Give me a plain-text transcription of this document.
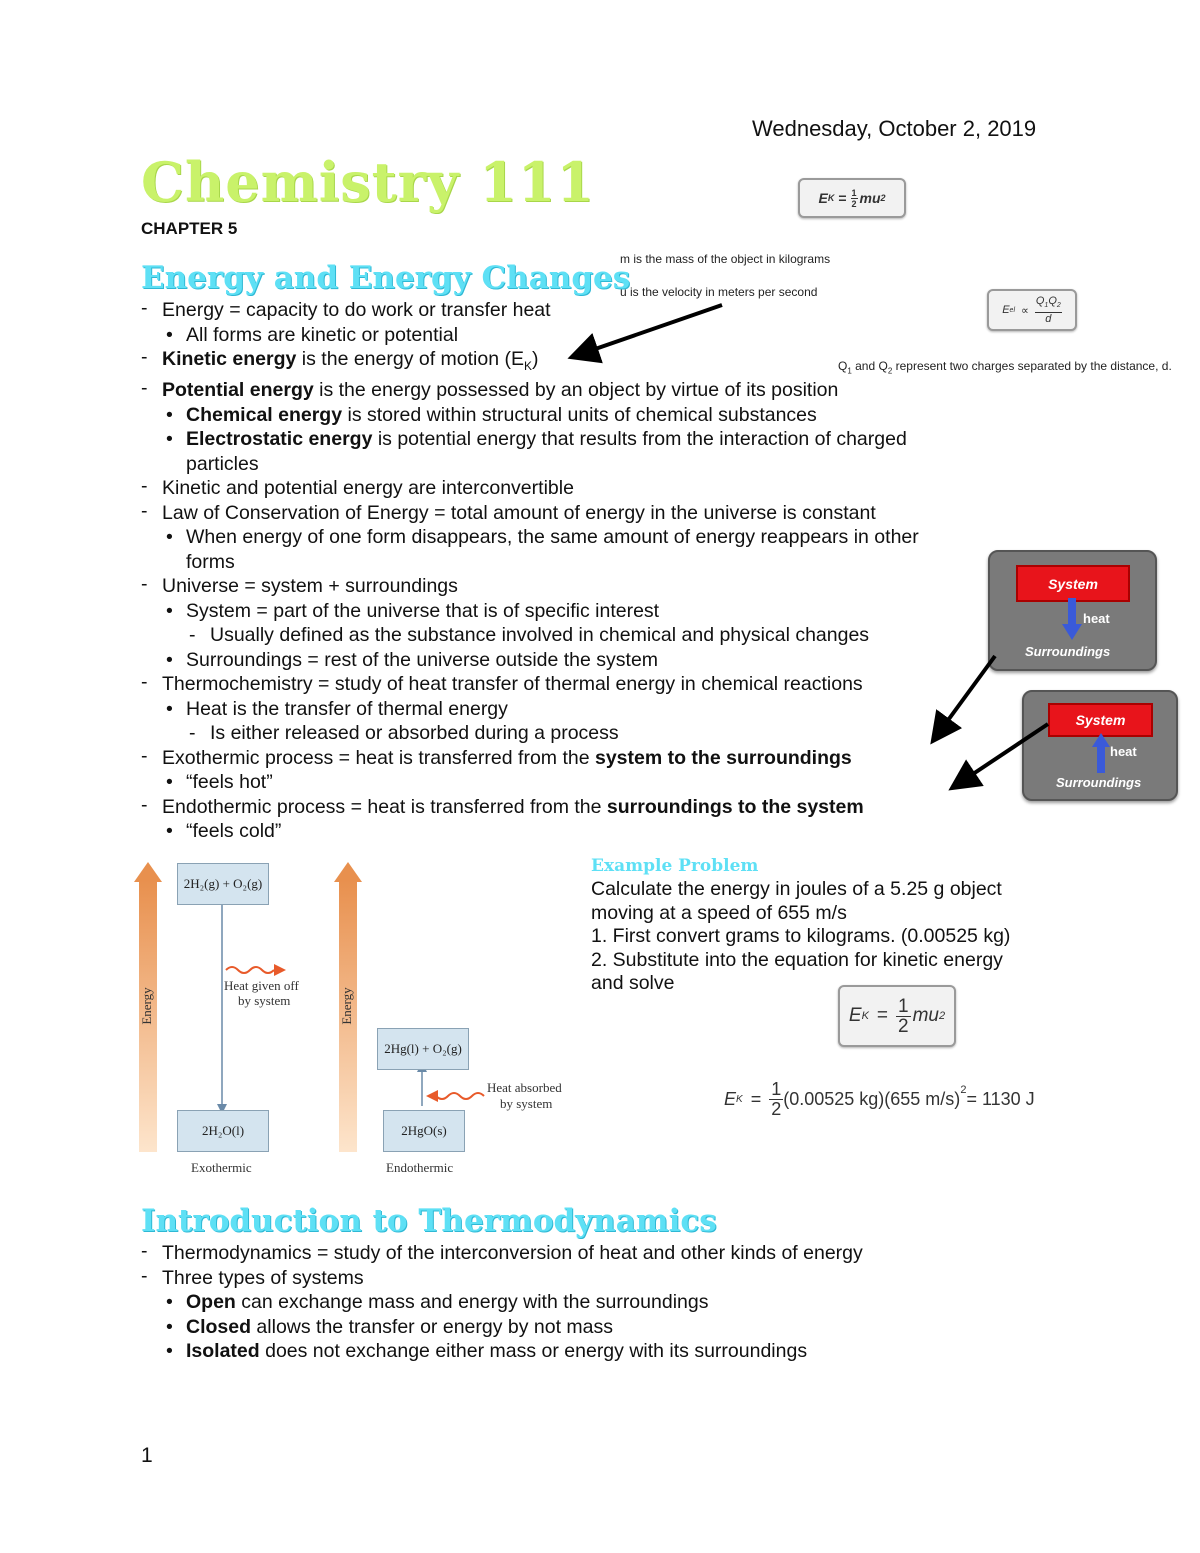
Wednesday, October 2, 2019
Chemistry 111
CHAPTER 5
E $K = \frac{1}{2}$ mu 2
m is the mass of the object in kilograms
u is the velocity in meters per second
E el ∝ $\frac{Q_1Q_2}{d}$
$Q_1$ and $Q_2$ represent two charges separated by the distance, d.
Energy and Energy Changes
- Energy = capacity to do work or transfer heat
• All forms are kinetic or potential
- Kinetic energy is the energy of motion $(E_K)$
- Potential energy is the energy possessed by an object by virtue of its position
• Chemical energy is stored within structural units of chemical substances
• Electrostatic energy is potential energy that results from the interaction of charged
particles
- Kinetic and potential energy are interconvertible
- Law of Conservation of Energy = total amount of energy in the universe is constant
• When energy of one form disappears, the same amount of energy reappears in other
forms
- Universe = system + surroundings
• System = part of the universe that is of specific interest
- Usually defined as the substance involved in chemical and physical changes
• Surroundings = rest of the universe outside the system
- Thermochemistry = study of heat transfer of thermal energy in chemical reactions
• Heat is the transfer of thermal energy
- Is either released or absorbed during a process
- Exothermic process = heat is transferred from the system to the surroundings
• “feels hot”
- Endothermic process = heat is transferred from the surroundings to the system
• “feels cold”
System
heat
Surroundings
System
heat
Surroundings
Energy	Energy
2H₂(g) + O₂(g)
2H₂O(l)
Heat given off
by system
Exothermic
2Hg(l) + O₂(g)
2HgO(s)
Heat absorbed
by system
Endothermic
Example Problem
Calculate the energy in joules of a 5.25 g object
moving at a speed of 655 m/s
1. First convert grams to kilograms. (0.00525 kg)
2. Substitute into the equation for kinetic energy
and solve
E $K = \frac{1}{2}$ mu 2
E $K = \frac{1}{2} (0.00525$ kg)(655 m/s)$^2$ = 1130 J
Introduction to Thermodynamics
- Thermodynamics = study of the interconversion of heat and other kinds of energy
- Three types of systems
• Open can exchange mass and energy with the surroundings
• Closed allows the transfer or energy by not mass
• Isolated does not exchange either mass or energy with its surroundings
1
